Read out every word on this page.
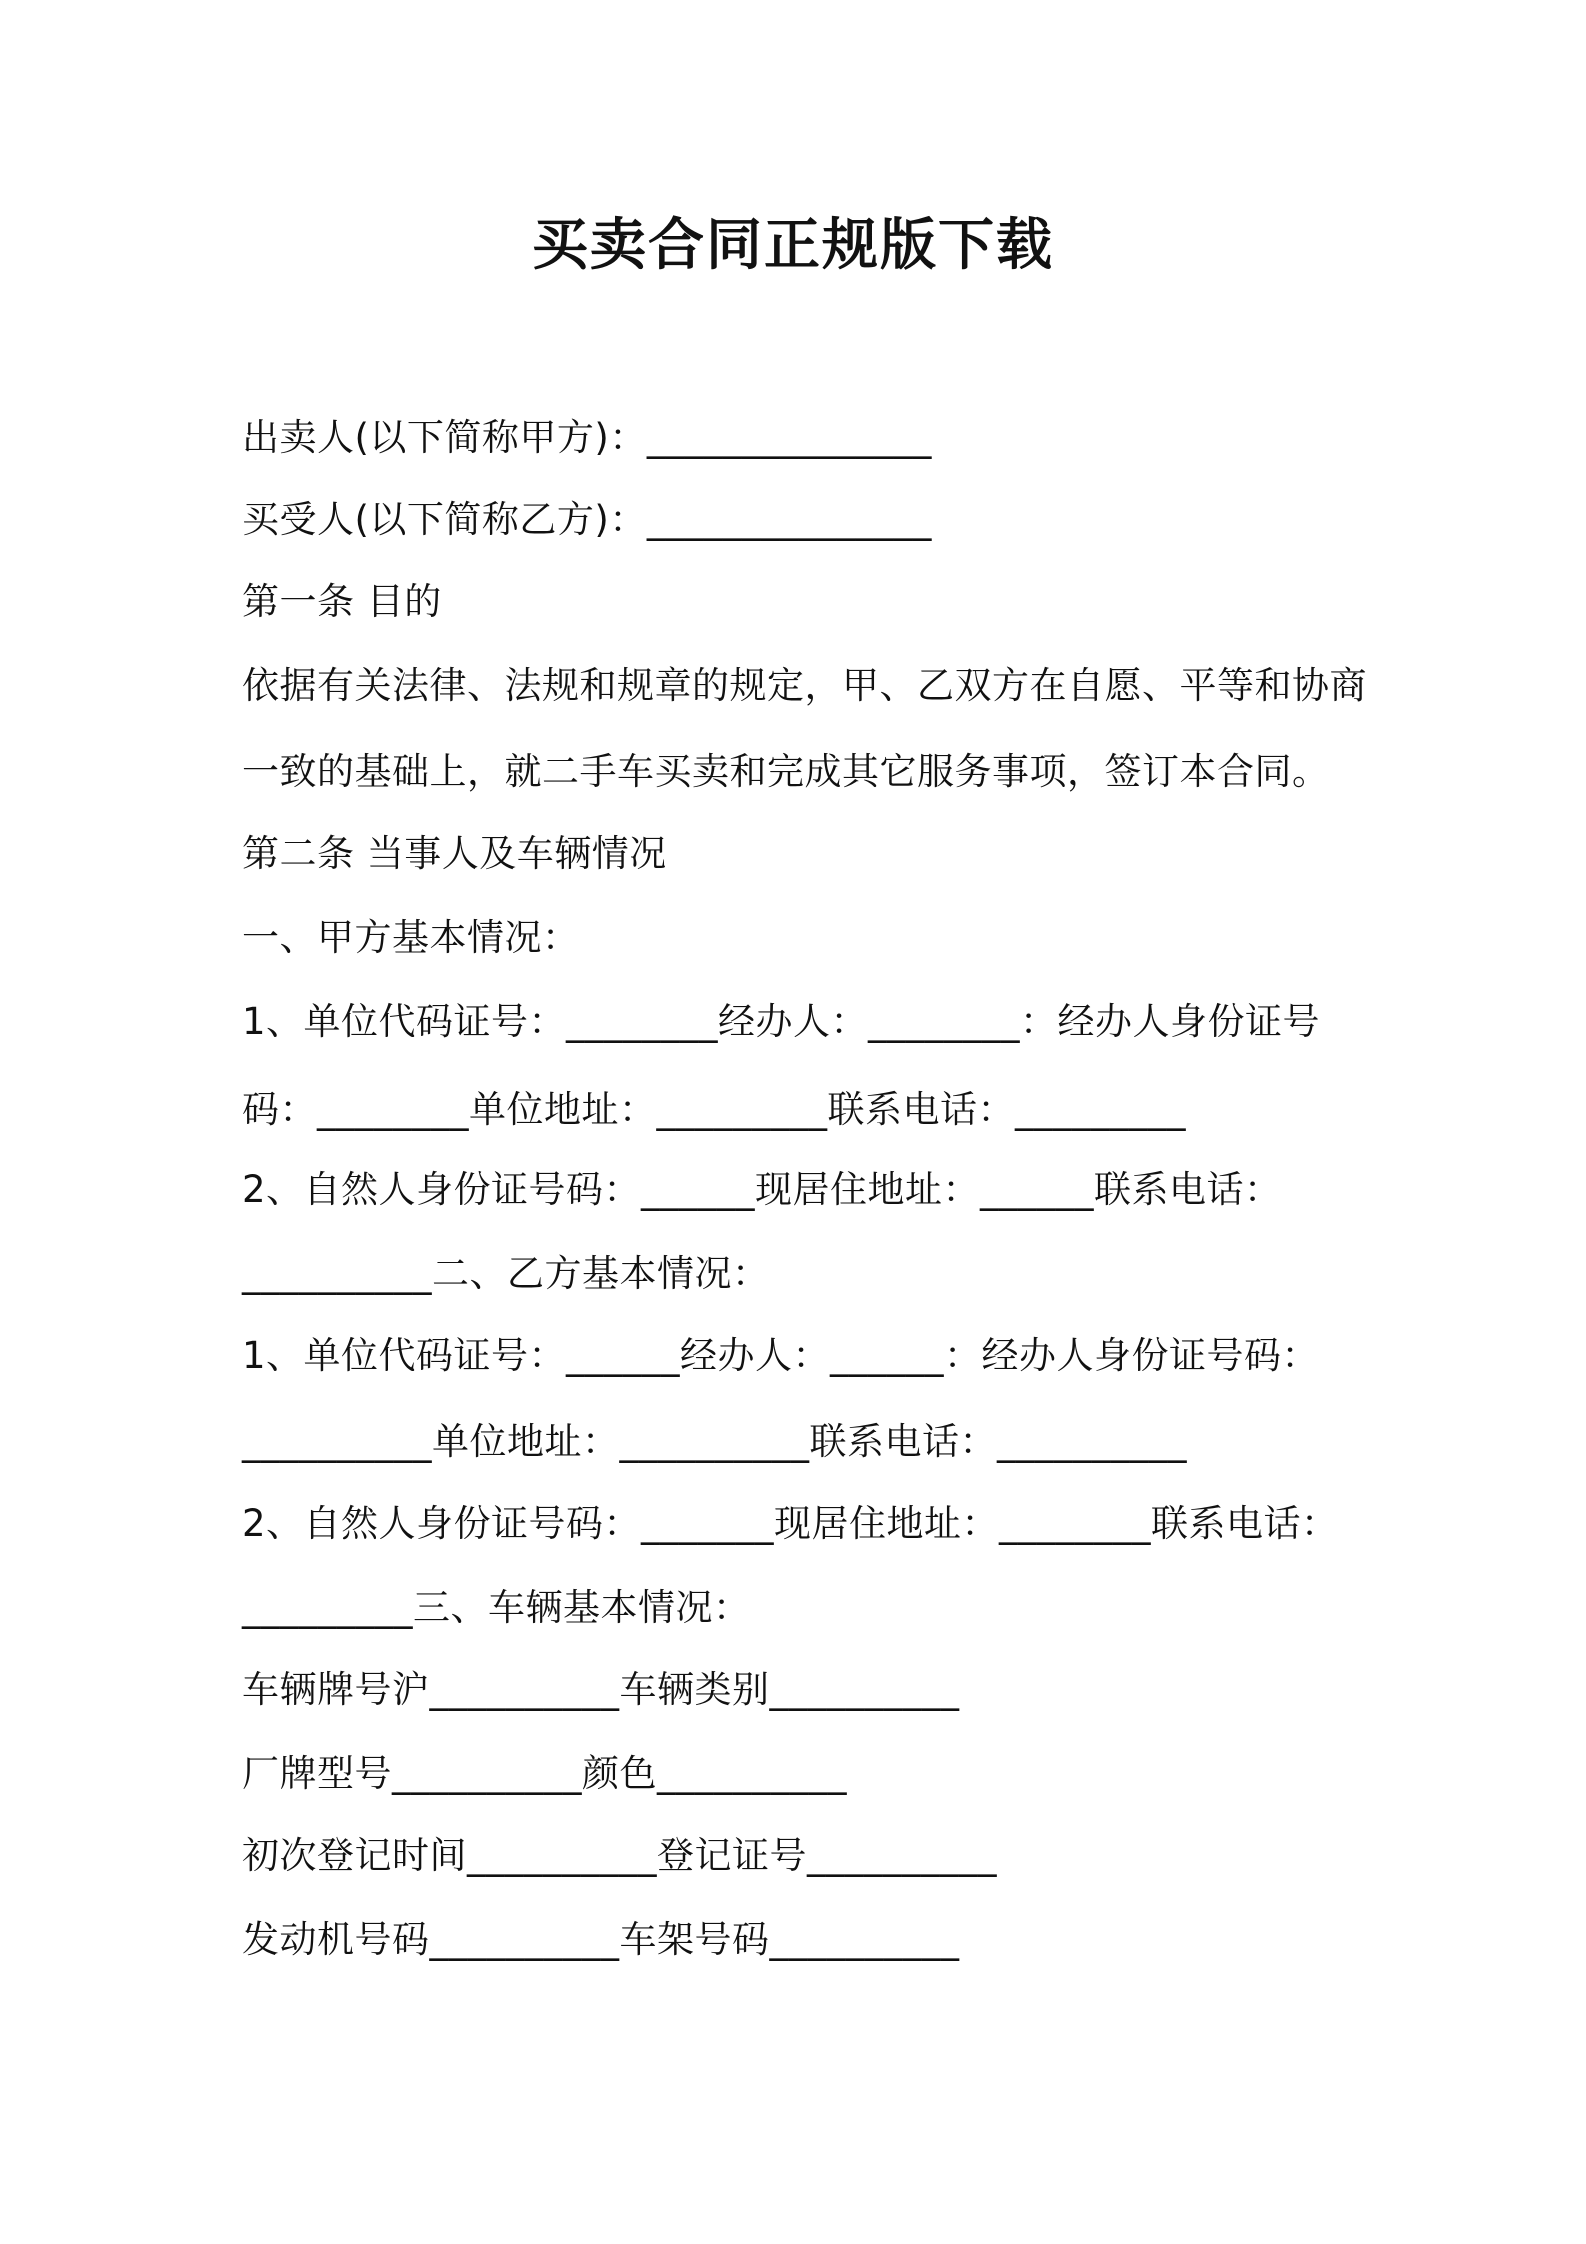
买卖合同正规版下载
出卖人(以下简称甲方)：_______________
买受人(以下简称乙方)：_______________
第一条 目的
依据有关法律、法规和规章的规定，甲、乙双方在自愿、平等和协商
一致的基础上，就二手车买卖和完成其它服务事项，签订本合同。
第二条 当事人及车辆情况
一、甲方基本情况：
1、单位代码证号：________经办人：________：经办人身份证号
码：________单位地址：_________联系电话：_________
2、自然人身份证号码：______现居住地址：______联系电话：
__________二、乙方基本情况：
1、单位代码证号：______经办人：______：经办人身份证号码：
__________单位地址：__________联系电话：__________
2、自然人身份证号码：_______现居住地址：________联系电话：
_________三、车辆基本情况：
车辆牌号沪__________车辆类别__________
厂牌型号__________颜色__________
初次登记时间__________登记证号__________
发动机号码__________车架号码__________
